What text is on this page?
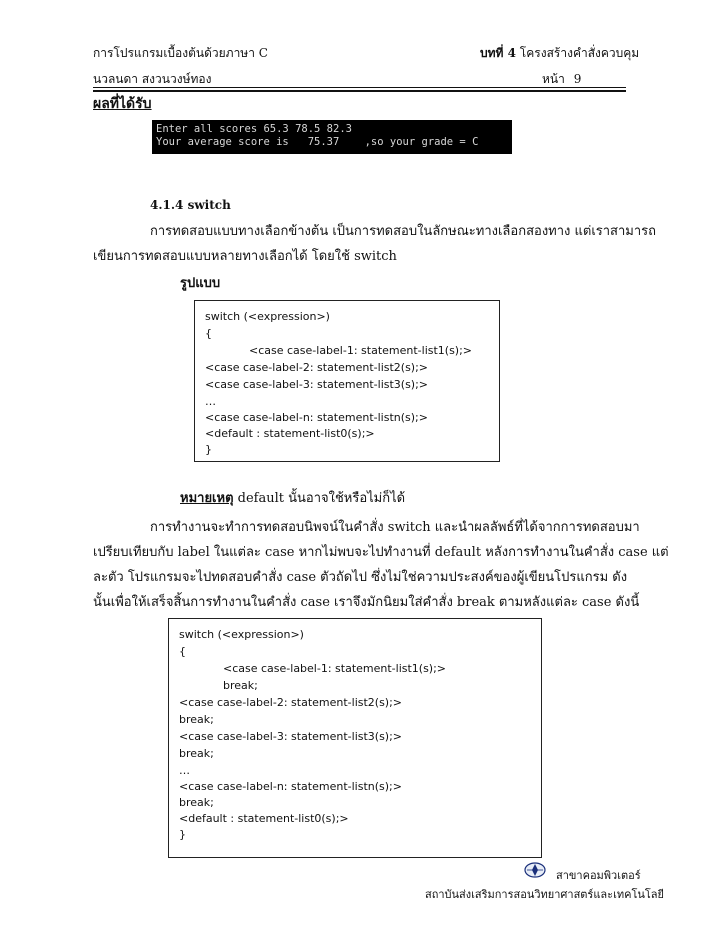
การโปรแกรมเบื้องต้นด้วยภาษา C	บทที่ 4 โครงสร้างคำสั่งควบคุม
นวลนดา สงวนวงษ์ทอง	หน้า 9
ผลที่ได้รับ
Enter all scores 65.3 78.5 82.3
Your average score is   75.37    ,so your grade = C
4.1.4 switch
การทดสอบแบบทางเลือกข้างต้น เป็นการทดสอบในลักษณะทางเลือกสองทาง แต่เราสามารถ
เขียนการทดสอบแบบหลายทางเลือกได้ โดยใช้ switch
รูปแบบ
switch (<expression>)
{
<case case-label-1: statement-list1(s);>
<case case-label-2: statement-list2(s);>
<case case-label-3: statement-list3(s);>
…
<case case-label-n: statement-listn(s);>
<default : statement-list0(s);>
}
หมายเหตุ default นั้นอาจใช้หรือไม่ก็ได้
การทำงานจะทำการทดสอบนิพจน์ในคำสั่ง switch และนำผลลัพธ์ที่ได้จากการทดสอบมา
เปรียบเทียบกับ label ในแต่ละ case หากไม่พบจะไปทำงานที่ default หลังการทำงานในคำสั่ง case แต่
ละตัว โปรแกรมจะไปทดสอบคำสั่ง case ตัวถัดไป ซึ่งไม่ใช่ความประสงค์ของผู้เขียนโปรแกรม ดัง
นั้นเพื่อให้เสร็จสิ้นการทำงานในคำสั่ง case เราจึงมักนิยมใส่คำสั่ง break ตามหลังแต่ละ case ดังนี้
switch (<expression>)
{
<case case-label-1: statement-list1(s);>
break;
<case case-label-2: statement-list2(s);>
break;
<case case-label-3: statement-list3(s);>
break;
…
<case case-label-n: statement-listn(s);>
break;
<default : statement-list0(s);>
}
สาขาคอมพิวเตอร์
สถาบันส่งเสริมการสอนวิทยาศาสตร์และเทคโนโลยี
